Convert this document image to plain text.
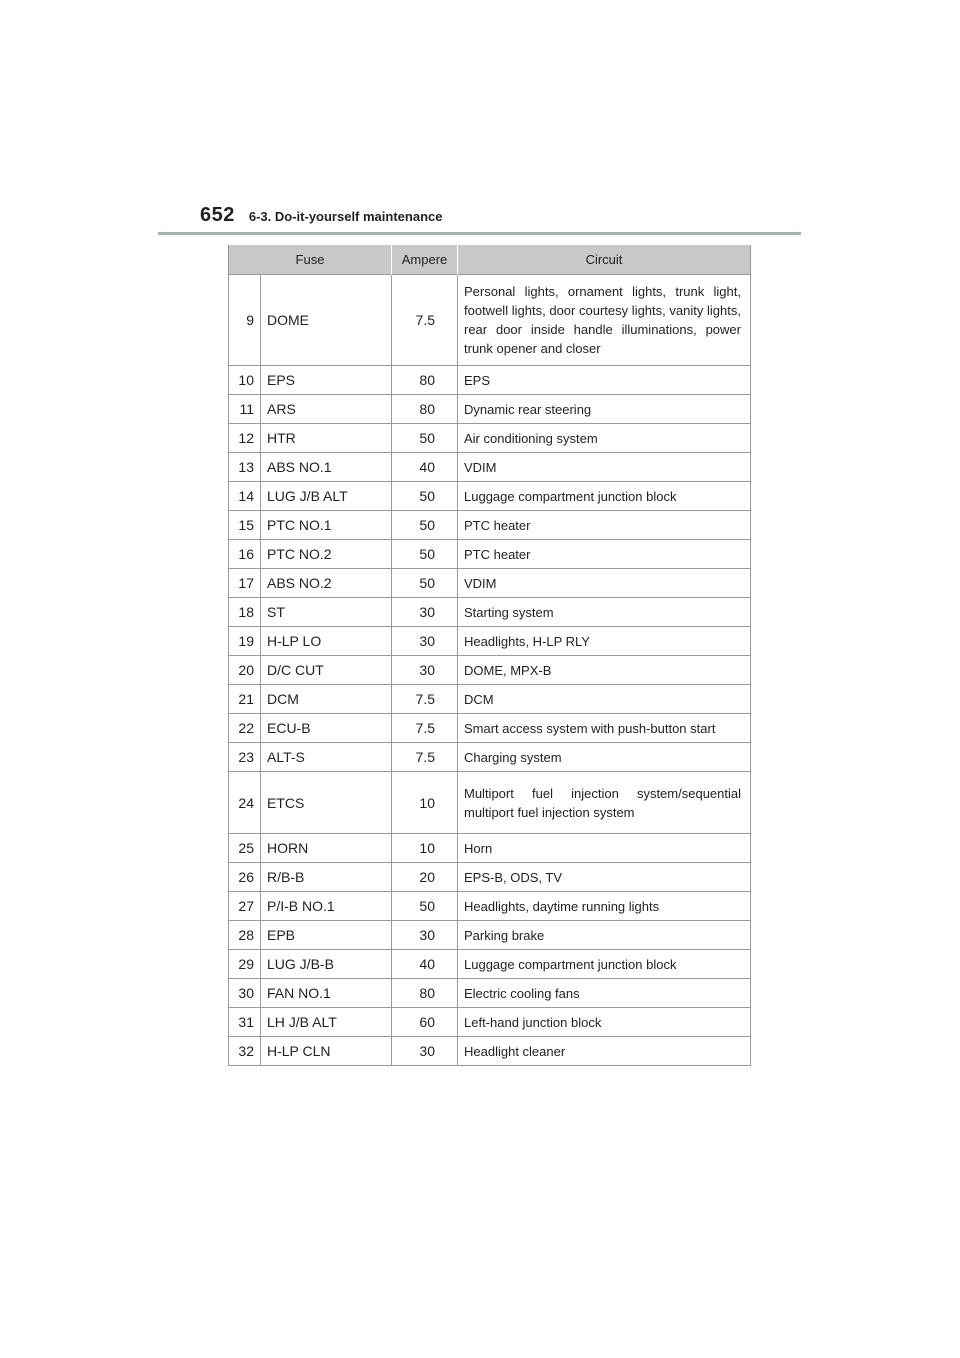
652 6-3. Do-it-yourself maintenance
Fuse		Ampere	Circuit
9	DOME	7.5	Personal lights, ornament lights, trunk light, footwell lights, door courtesy lights, vanity lights, rear door inside handle illuminations, power trunk opener and closer
10	EPS	80	EPS
11	ARS	80	Dynamic rear steering
12	HTR	50	Air conditioning system
13	ABS NO.1	40	VDIM
14	LUG J/B ALT	50	Luggage compartment junction block
15	PTC NO.1	50	PTC heater
16	PTC NO.2	50	PTC heater
17	ABS NO.2	50	VDIM
18	ST	30	Starting system
19	H-LP LO	30	Headlights, H-LP RLY
20	D/C CUT	30	DOME, MPX-B
21	DCM	7.5	DCM
22	ECU-B	7.5	Smart access system with push-button start
23	ALT-S	7.5	Charging system
24	ETCS	10	Multiport fuel injection system/sequential multiport fuel injection system
25	HORN	10	Horn
26	R/B-B	20	EPS-B, ODS, TV
27	P/I-B NO.1	50	Headlights, daytime running lights
28	EPB	30	Parking brake
29	LUG J/B-B	40	Luggage compartment junction block
30	FAN NO.1	80	Electric cooling fans
31	LH J/B ALT	60	Left-hand junction block
32	H-LP CLN	30	Headlight cleaner
